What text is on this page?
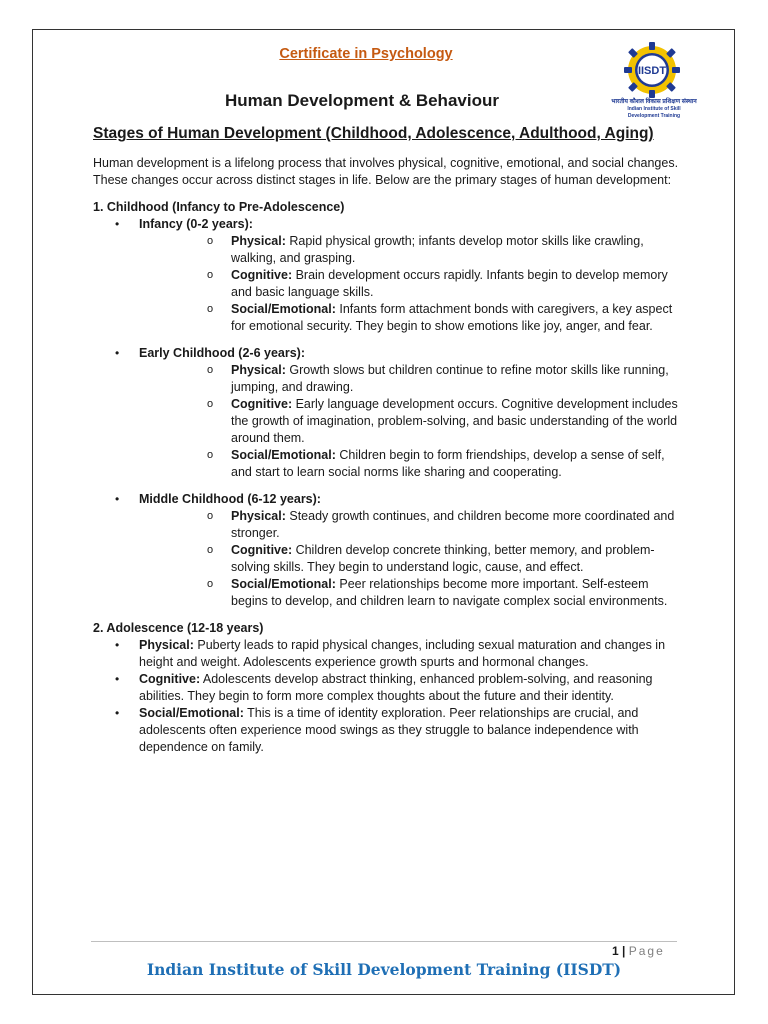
Certificate in Psychology
IISDT
भारतीय कौशल विकास प्रशिक्षण संस्थान
Indian Institute of Skill Development Training
Human Development & Behaviour
Stages of Human Development (Childhood, Adolescence, Adulthood, Aging)

Human development is a lifelong process that involves physical, cognitive, emotional, and social changes. These changes occur across distinct stages in life. Below are the primary stages of human development:

1. Childhood (Infancy to Pre-Adolescence)

• Infancy (0-2 years):

o Physical: Rapid physical growth; infants develop motor skills like crawling, walking, and grasping.

o Cognitive: Brain development occurs rapidly. Infants begin to develop memory and basic language skills.

o Social/Emotional: Infants form attachment bonds with caregivers, a key aspect for emotional security. They begin to show emotions like joy, anger, and fear.

• Early Childhood (2-6 years):

o Physical: Growth slows but children continue to refine motor skills like running, jumping, and drawing.

o Cognitive: Early language development occurs. Cognitive development includes the growth of imagination, problem-solving, and basic understanding of the world around them.

o Social/Emotional: Children begin to form friendships, develop a sense of self, and start to learn social norms like sharing and cooperating.

• Middle Childhood (6-12 years):

o Physical: Steady growth continues, and children become more coordinated and stronger.

o Cognitive: Children develop concrete thinking, better memory, and problem-solving skills. They begin to understand logic, cause, and effect.

o Social/Emotional: Peer relationships become more important. Self-esteem begins to develop, and children learn to navigate complex social environments.

2. Adolescence (12-18 years)

• Physical: Puberty leads to rapid physical changes, including sexual maturation and changes in height and weight. Adolescents experience growth spurts and hormonal changes.

• Cognitive: Adolescents develop abstract thinking, enhanced problem-solving, and reasoning abilities. They begin to form more complex thoughts about the future and their identity.

• Social/Emotional: This is a time of identity exploration. Peer relationships are crucial, and adolescents often experience mood swings as they struggle to balance independence with dependence on family.

1 | Page
Indian Institute of Skill Development Training (IISDT)
